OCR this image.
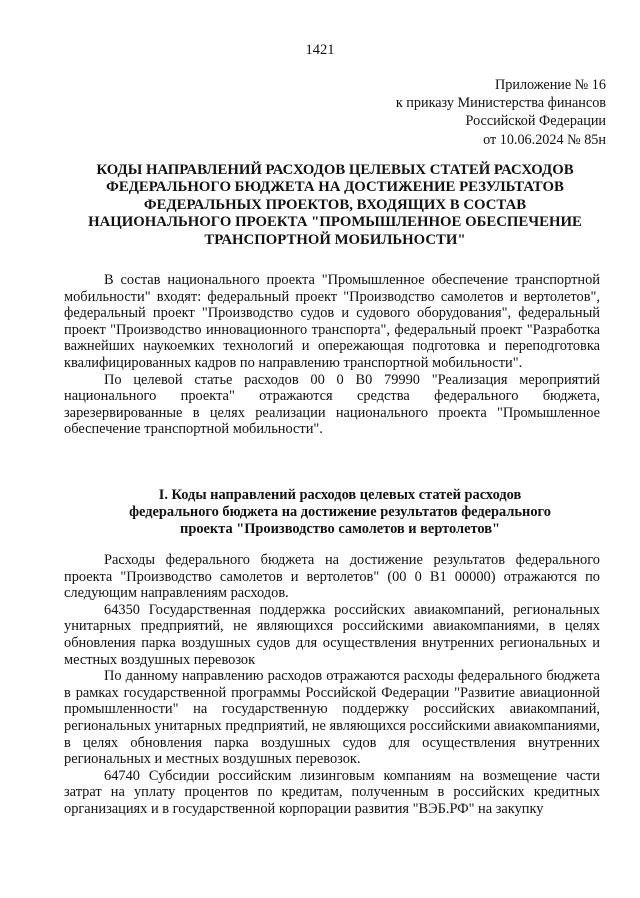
1421
Приложение № 16
к приказу Министерства финансов
Российской Федерации
от 10.06.2024 № 85н
КОДЫ НАПРАВЛЕНИЙ РАСХОДОВ ЦЕЛЕВЫХ СТАТЕЙ РАСХОДОВ
ФЕДЕРАЛЬНОГО БЮДЖЕТА НА ДОСТИЖЕНИЕ РЕЗУЛЬТАТОВ
ФЕДЕРАЛЬНЫХ ПРОЕКТОВ, ВХОДЯЩИХ В СОСТАВ
НАЦИОНАЛЬНОГО ПРОЕКТА "ПРОМЫШЛЕННОЕ ОБЕСПЕЧЕНИЕ
ТРАНСПОРТНОЙ МОБИЛЬНОСТИ"

В состав национального проекта "Промышленное обеспечение транспортной мобильности" входят: федеральный проект "Производство самолетов и вертолетов", федеральный проект "Производство судов и судового оборудования", федеральный проект "Производство инновационного транспорта", федеральный проект "Разработка важнейших наукоемких технологий и опережающая подготовка и переподготовка квалифицированных кадров по направлению транспортной мобильности".

По целевой статье расходов 00 0 В0 79990 "Реализация мероприятий национального проекта" отражаются средства федерального бюджета, зарезервированные в целях реализации национального проекта "Промышленное обеспечение транспортной мобильности".

I. Коды направлений расходов целевых статей расходов
федерального бюджета на достижение результатов федерального
проекта "Производство самолетов и вертолетов"

Расходы федерального бюджета на достижение результатов федерального проекта "Производство самолетов и вертолетов" (00 0 В1 00000) отражаются по следующим направлениям расходов.

64350 Государственная поддержка российских авиакомпаний, региональных унитарных предприятий, не являющихся российскими авиакомпаниями, в целях обновления парка воздушных судов для осуществления внутренних региональных и местных воздушных перевозок

По данному направлению расходов отражаются расходы федерального бюджета в рамках государственной программы Российской Федерации "Развитие авиационной промышленности" на государственную поддержку российских авиакомпаний, региональных унитарных предприятий, не являющихся российскими авиакомпаниями, в целях обновления парка воздушных судов для осуществления внутренних региональных и местных воздушных перевозок.

64740 Субсидии российским лизинговым компаниям на возмещение части затрат на уплату процентов по кредитам, полученным в российских кредитных организациях и в государственной корпорации развития "ВЭБ.РФ" на закупку
